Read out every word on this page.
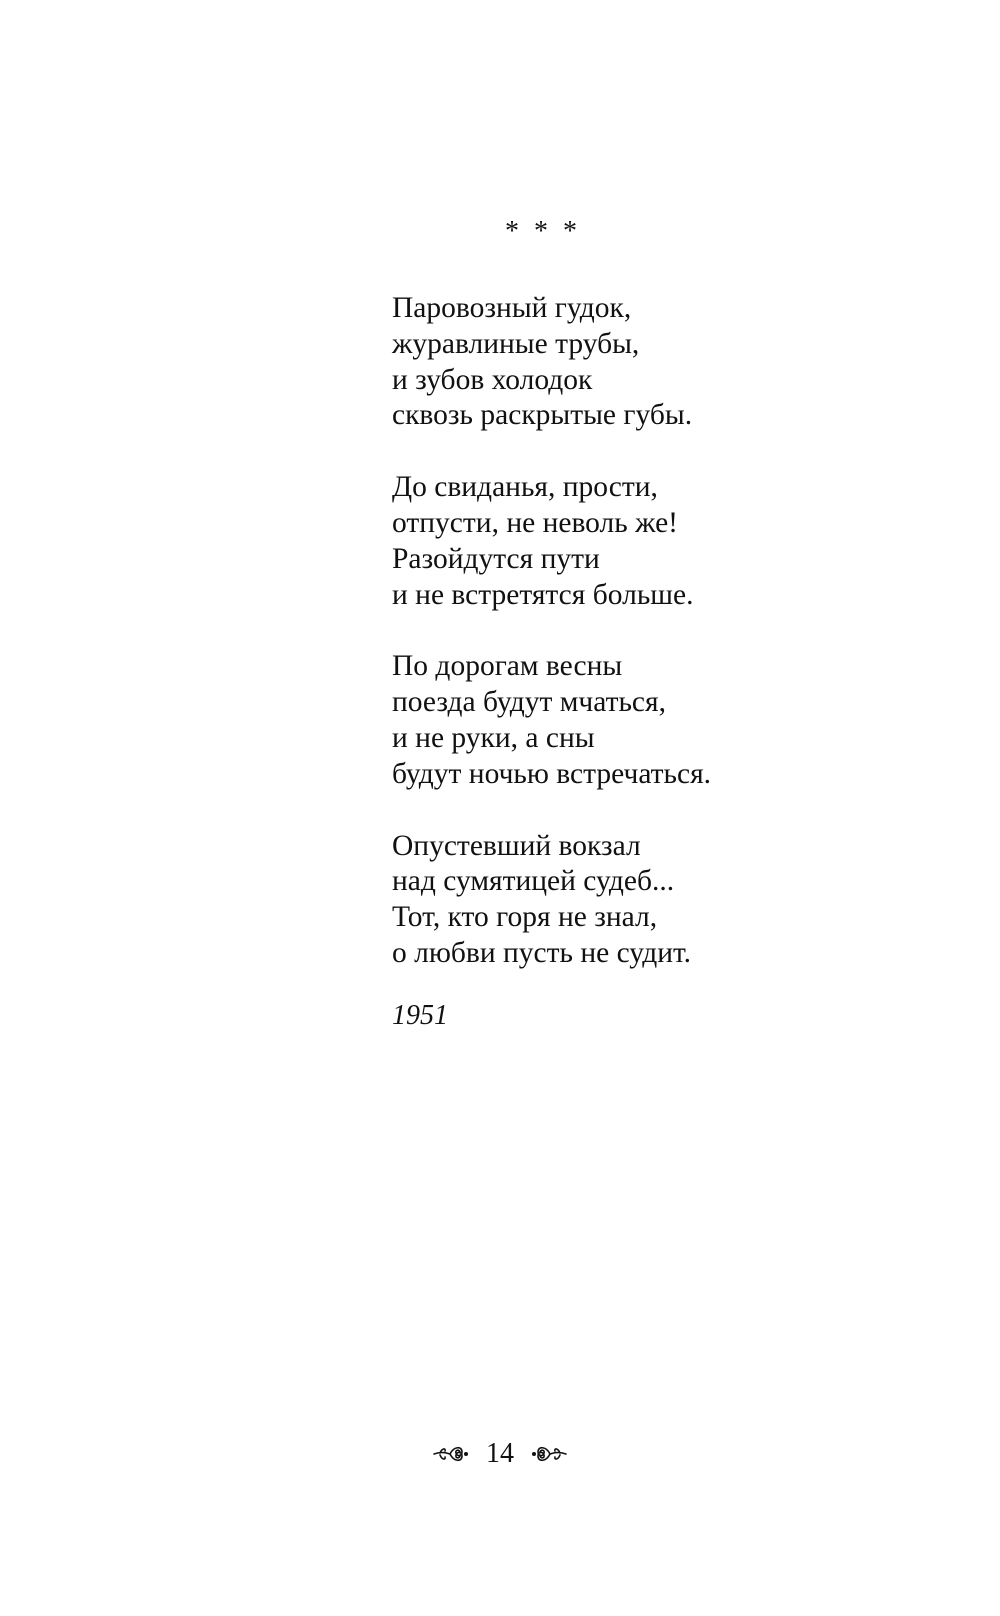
* * *
Паровозный гудок,
журавлиные трубы,
и зубов холодок
сквозь раскрытые губы.
До свиданья, прости,
отпусти, не неволь же!
Разойдутся пути
и не встретятся больше.
По дорогам весны
поезда будут мчаться,
и не руки, а сны
будут ночью встречаться.
Опустевший вокзал
над сумятицей судеб...
Тот, кто горя не знал,
о любви пусть не судит.
1951
14
